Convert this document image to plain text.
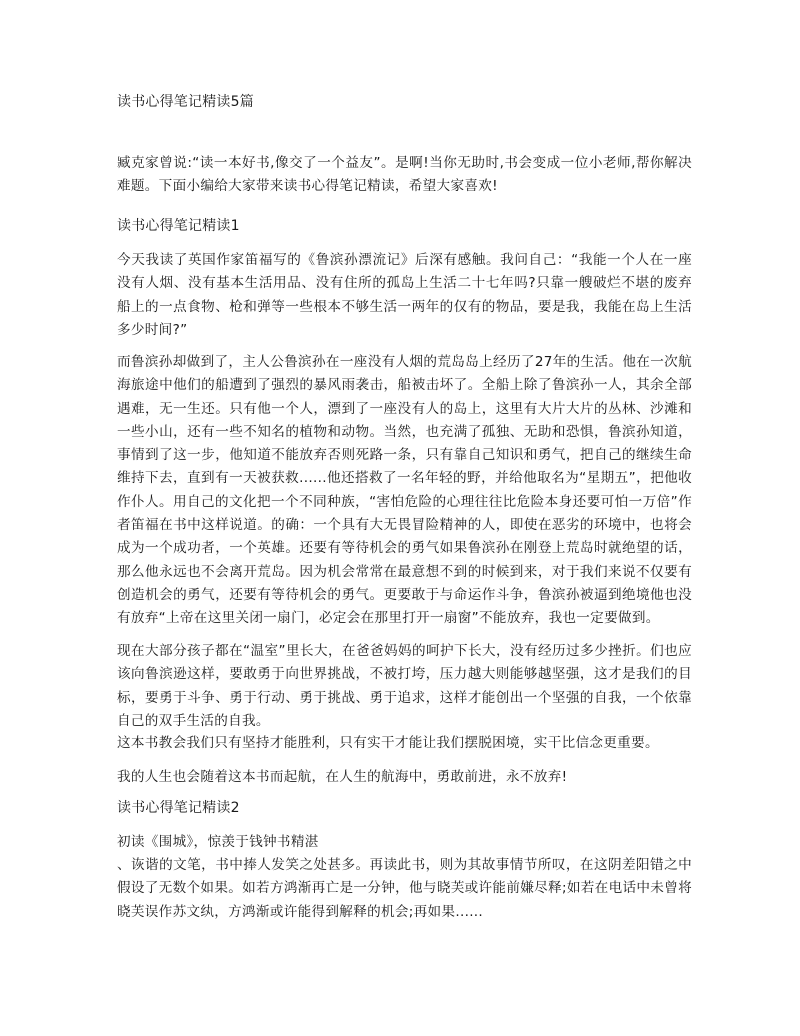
读书心得笔记精读5篇

臧克家曾说:“读一本好书,像交了一个益友”。是啊!当你无助时,书会变成一位小老师,帮你解决难题。下面小编给大家带来读书心得笔记精读，希望大家喜欢!

读书心得笔记精读1

今天我读了英国作家笛福写的《鲁滨孙漂流记》后深有感触。我问自己：“我能一个人在一座没有人烟、没有基本生活用品、没有住所的孤岛上生活二十七年吗?只靠一艘破烂不堪的废弃船上的一点食物、枪和弹等一些根本不够生活一两年的仅有的物品，要是我，我能在岛上生活多少时间?”

而鲁滨孙却做到了，主人公鲁滨孙在一座没有人烟的荒岛岛上经历了27年的生活。他在一次航海旅途中他们的船遭到了强烈的暴风雨袭击，船被击坏了。全船上除了鲁滨孙一人，其余全部遇难，无一生还。只有他一个人，漂到了一座没有人的岛上，这里有大片大片的丛林、沙滩和一些小山，还有一些不知名的植物和动物。当然，也充满了孤独、无助和恐惧，鲁滨孙知道，事情到了这一步，他知道不能放弃否则死路一条，只有靠自己知识和勇气，把自己的继续生命维持下去，直到有一天被获救......他还搭救了一名年轻的野，并给他取名为“星期五”，把他收作仆人。用自己的文化把一个不同种族，“害怕危险的心理往往比危险本身还要可怕一万倍”作者笛福在书中这样说道。的确：一个具有大无畏冒险精神的人，即使在恶劣的环境中，也将会成为一个成功者，一个英雄。还要有等待机会的勇气如果鲁滨孙在刚登上荒岛时就绝望的话，那么他永远也不会离开荒岛。因为机会常常在最意想不到的时候到来，对于我们来说不仅要有创造机会的勇气，还要有等待机会的勇气。更要敢于与命运作斗争，鲁滨孙被逼到绝境他也没有放弃“上帝在这里关闭一扇门，必定会在那里打开一扇窗”不能放弃，我也一定要做到。

现在大部分孩子都在“温室”里长大，在爸爸妈妈的呵护下长大，没有经历过多少挫折。们也应该向鲁滨逊这样，要敢勇于向世界挑战，不被打垮，压力越大则能够越坚强，这才是我们的目标，要勇于斗争、勇于行动、勇于挑战、勇于追求，这样才能创出一个坚强的自我，一个依靠自己的双手生活的自我。

这本书教会我们只有坚持才能胜利，只有实干才能让我们摆脱困境，实干比信念更重要。

我的人生也会随着这本书而起航，在人生的航海中，勇敢前进，永不放弃!

读书心得笔记精读2

初读《围城》，惊羡于钱钟书精湛

、诙谐的文笔，书中捧人发笑之处甚多。再读此书，则为其故事情节所叹，在这阴差阳错之中假设了无数个如果。如若方鸿渐再亡是一分钟，他与晓芙或许能前嫌尽释;如若在电话中未曾将晓芙误作苏文纨，方鸿渐或许能得到解释的机会;再如果......
